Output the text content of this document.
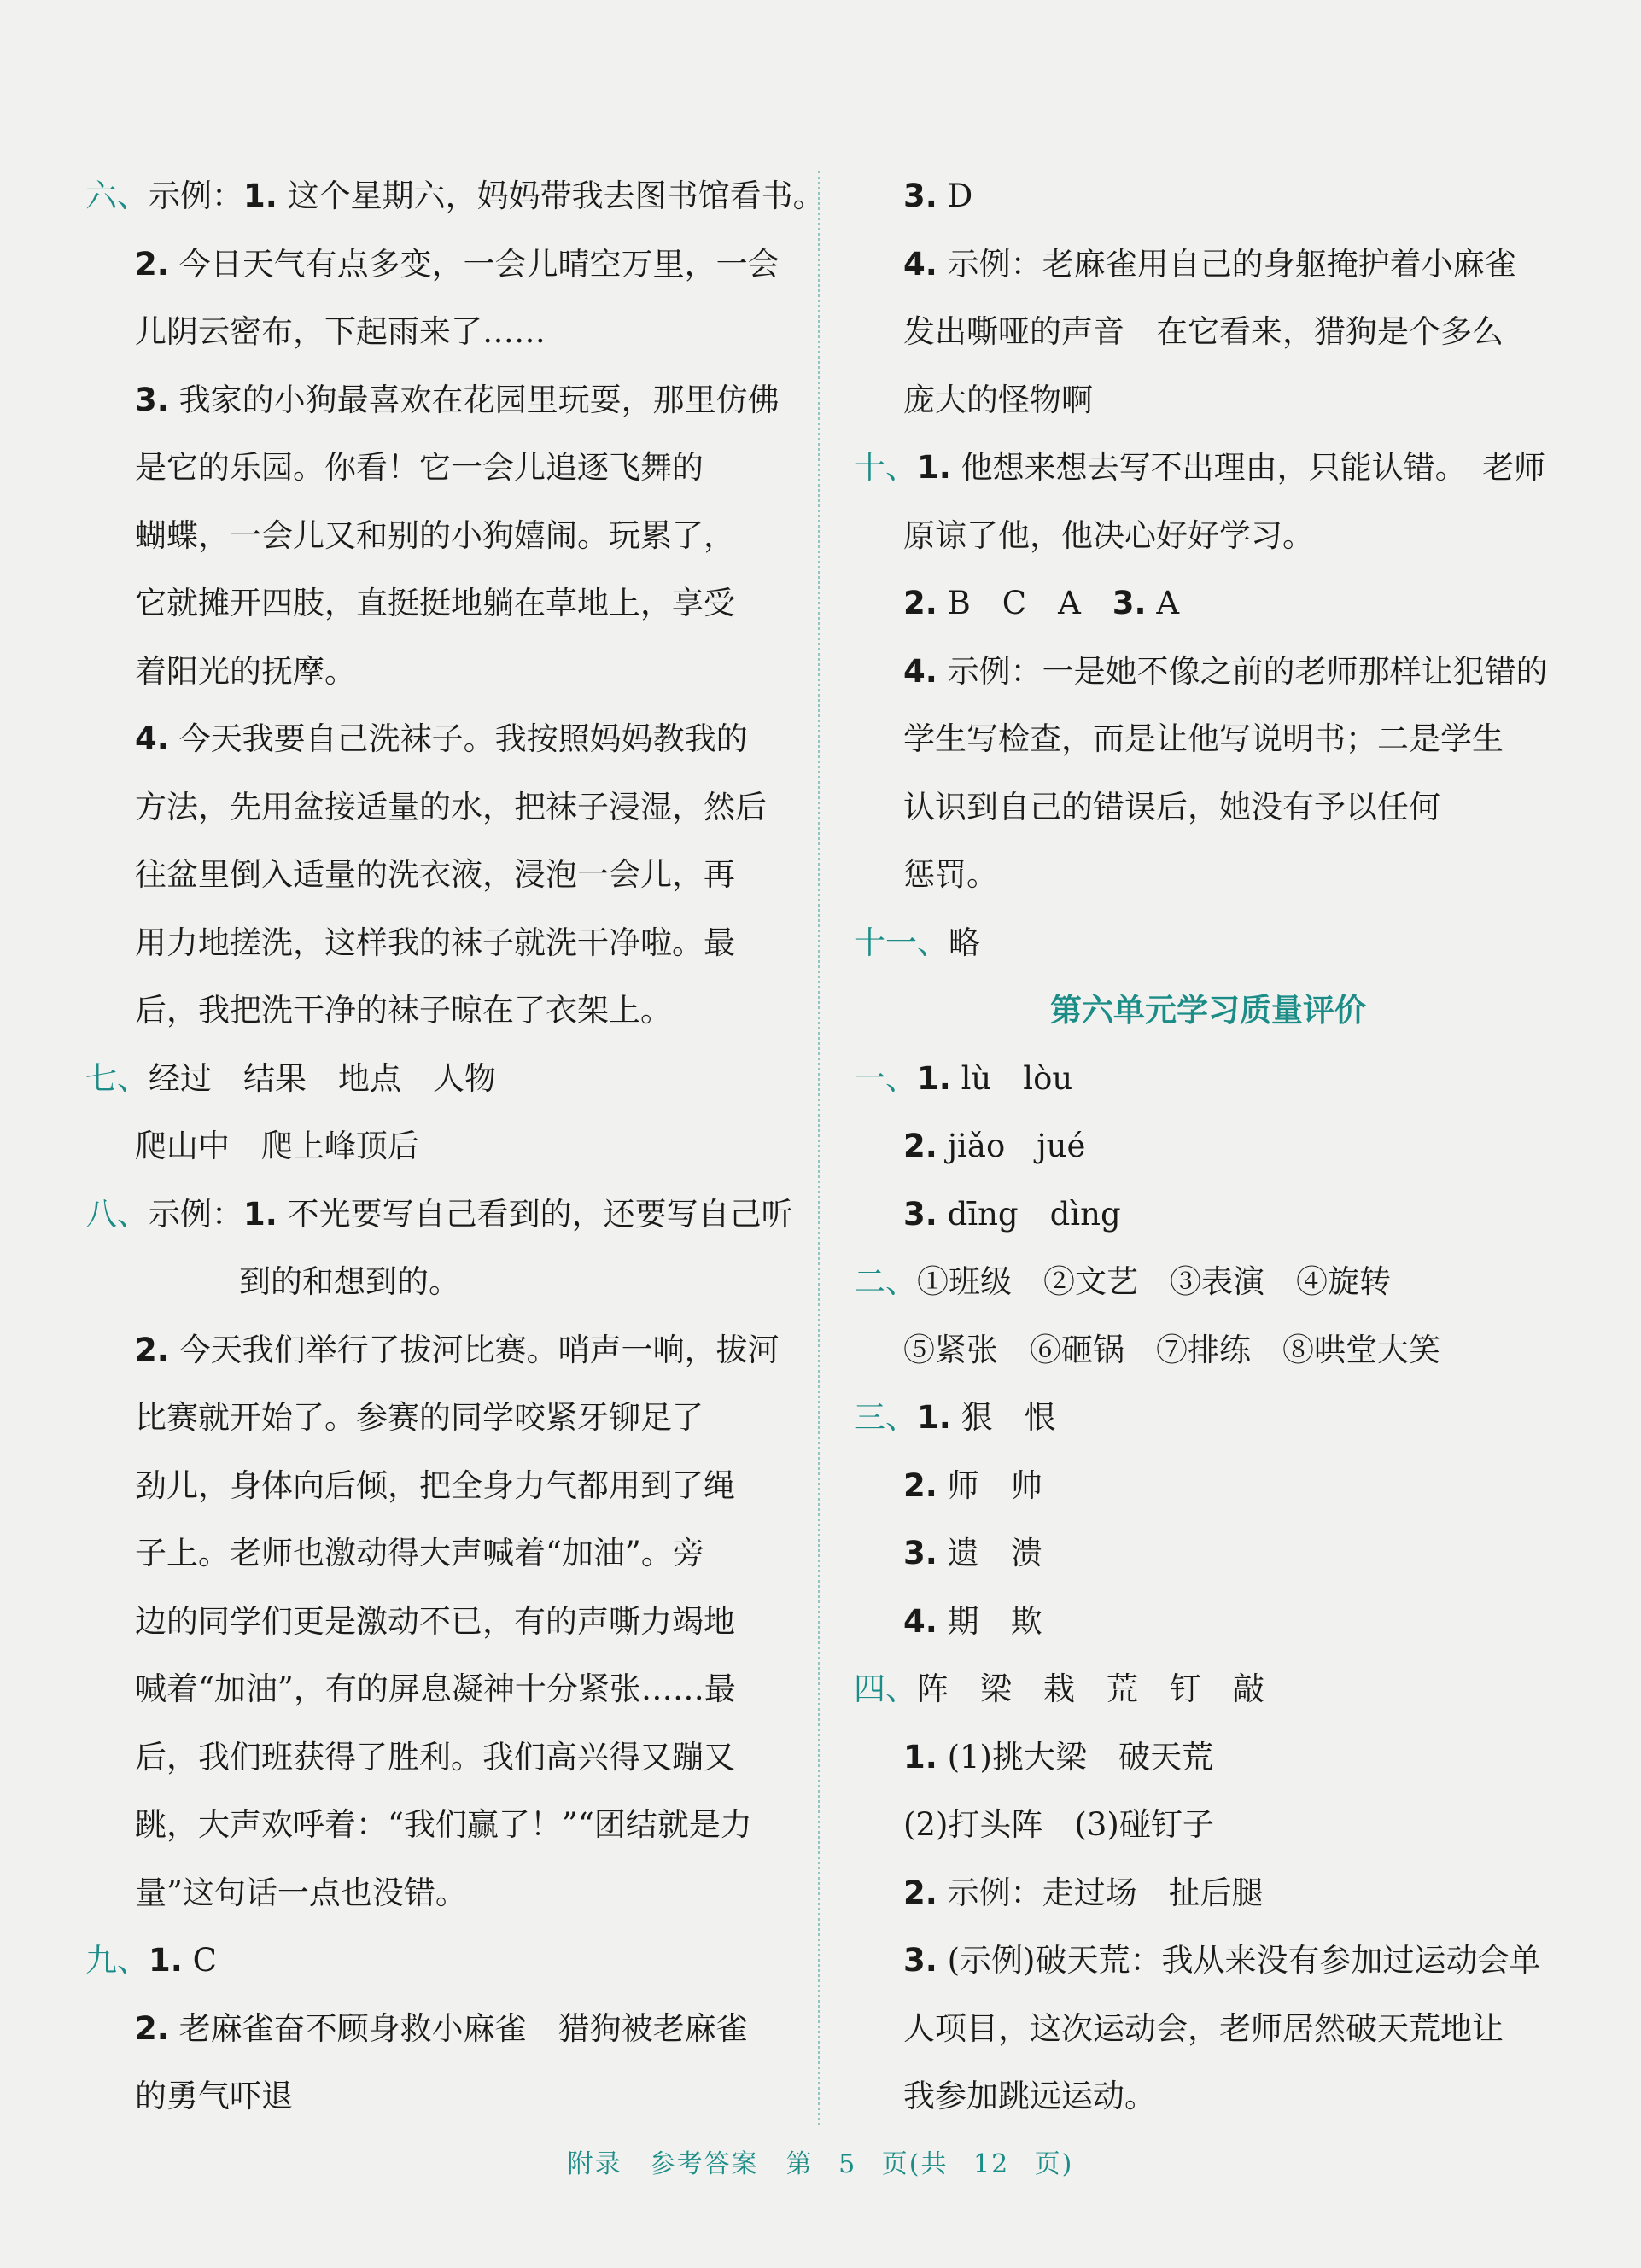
六、示例：1. 这个星期六，妈妈带我去图书馆看书。
2. 今日天气有点多变，一会儿晴空万里，一会
儿阴云密布，下起雨来了……
3. 我家的小狗最喜欢在花园里玩耍，那里仿佛
是它的乐园。你看！它一会儿追逐飞舞的
蝴蝶，一会儿又和别的小狗嬉闹。玩累了，
它就摊开四肢，直挺挺地躺在草地上，享受
着阳光的抚摩。
4. 今天我要自己洗袜子。我按照妈妈教我的
方法，先用盆接适量的水，把袜子浸湿，然后
往盆里倒入适量的洗衣液，浸泡一会儿，再
用力地搓洗，这样我的袜子就洗干净啦。最
后，我把洗干净的袜子晾在了衣架上。
七、经过　结果　地点　人物
爬山中　爬上峰顶后
八、示例：1. 不光要写自己看到的，还要写自己听
到的和想到的。
2. 今天我们举行了拔河比赛。哨声一响，拔河
比赛就开始了。参赛的同学咬紧牙铆足了
劲儿，身体向后倾，把全身力气都用到了绳
子上。老师也激动得大声喊着“加油”。旁
边的同学们更是激动不已，有的声嘶力竭地
喊着“加油”，有的屏息凝神十分紧张……最
后，我们班获得了胜利。我们高兴得又蹦又
跳，大声欢呼着：“我们赢了！”“团结就是力
量”这句话一点也没错。
九、1. C
2. 老麻雀奋不顾身救小麻雀　猎狗被老麻雀
的勇气吓退
3. D
4. 示例：老麻雀用自己的身躯掩护着小麻雀
发出嘶哑的声音　在它看来，猎狗是个多么
庞大的怪物啊
十、1. 他想来想去写不出理由，只能认错。　老师
原谅了他，他决心好好学习。
2. B　C　A　3. A
4. 示例：一是她不像之前的老师那样让犯错的
学生写检查，而是让他写说明书；二是学生
认识到自己的错误后，她没有予以任何
惩罚。
十一、略
第六单元学习质量评价
一、1. lù　lòu
2. jiǎo　jué
3. dīng　dìng
二、①班级　②文艺　③表演　④旋转
⑤紧张　⑥砸锅　⑦排练　⑧哄堂大笑
三、1. 狠　恨
2. 师　帅
3. 遗　溃
4. 期　欺
四、阵　梁　栽　荒　钉　敲
1. (1)挑大梁　破天荒
(2)打头阵　(3)碰钉子
2. 示例：走过场　扯后腿
3. (示例)破天荒：我从来没有参加过运动会单
人项目，这次运动会，老师居然破天荒地让
我参加跳远运动。
附录　参考答案　第 5 页(共 12 页)
